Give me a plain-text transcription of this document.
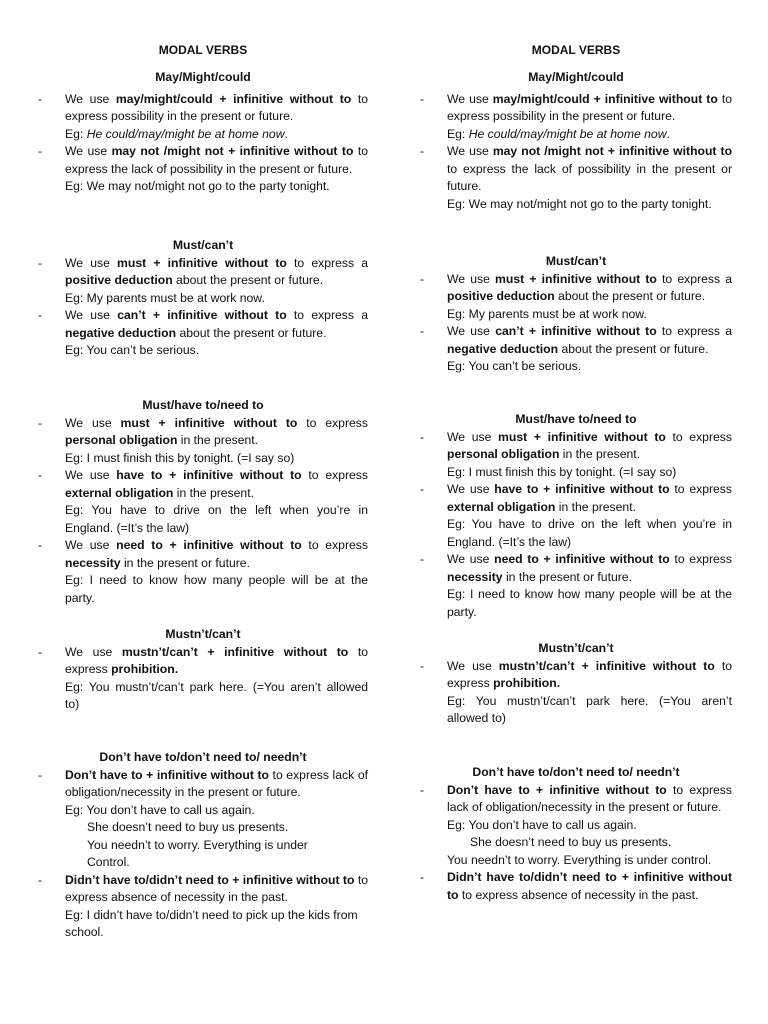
MODAL VERBS
May/Might/could
- We use may/might/could + infinitive without to to express possibility in the present or future.
Eg: He could/may/might be at home now.
- We use may not /might not + infinitive without to to express the lack of possibility in the present or future.
Eg: We may not/might not go to the party tonight.
Must/can’t
- We use must + infinitive without to to express a positive deduction about the present or future.
Eg: My parents must be at work now.
- We use can’t + infinitive without to to express a negative deduction about the present or future.
Eg: You can’t be serious.
Must/have to/need to
- We use must + infinitive without to to express personal obligation in the present.
Eg: I must finish this by tonight. (=I say so)
- We use have to + infinitive without to to express external obligation in the present.
Eg: You have to drive on the left when you’re in England. (=It’s the law)
- We use need to + infinitive without to to express necessity in the present or future.
Eg: I need to know how many people will be at the party.
Mustn’t/can’t
- We use mustn’t/can’t + infinitive without to to express prohibition.
Eg: You mustn’t/can’t park here. (=You aren’t allowed to)
Don’t have to/don’t need to/ needn’t
- Don’t have to + infinitive without to to express lack of obligation/necessity in the present or future.
Eg: You don’t have to call us again.
She doesn’t need to buy us presents.
You needn’t to worry. Everything is under Control.
- Didn’t have to/didn’t need to + infinitive without to to express absence of necessity in the past.
Eg: I didn’t have to/didn’t need to pick up the kids from school.
MODAL VERBS
May/Might/could
- We use may/might/could + infinitive without to to express possibility in the present or future.
Eg: He could/may/might be at home now.
- We use may not /might not + infinitive without to to express the lack of possibility in the present or future.
Eg: We may not/might not go to the party tonight.
Must/can’t
- We use must + infinitive without to to express a positive deduction about the present or future.
Eg: My parents must be at work now.
- We use can’t + infinitive without to to express a negative deduction about the present or future.
Eg: You can’t be serious.
Must/have to/need to
- We use must + infinitive without to to express personal obligation in the present.
Eg: I must finish this by tonight. (=I say so)
- We use have to + infinitive without to to express external obligation in the present.
Eg: You have to drive on the left when you’re in England. (=It’s the law)
- We use need to + infinitive without to to express necessity in the present or future.
Eg: I need to know how many people will be at the party.
Mustn’t/can’t
- We use mustn’t/can’t + infinitive without to to express prohibition.
Eg: You mustn’t/can’t park here. (=You aren’t allowed to)
Don’t have to/don’t need to/ needn’t
- Don’t have to + infinitive without to to express lack of obligation/necessity in the present or future.
Eg: You don’t have to call us again.
She doesn’t need to buy us presents.
You needn’t to worry. Everything is under control.
- Didn’t have to/didn’t need to + infinitive without to to express absence of necessity in the past.
